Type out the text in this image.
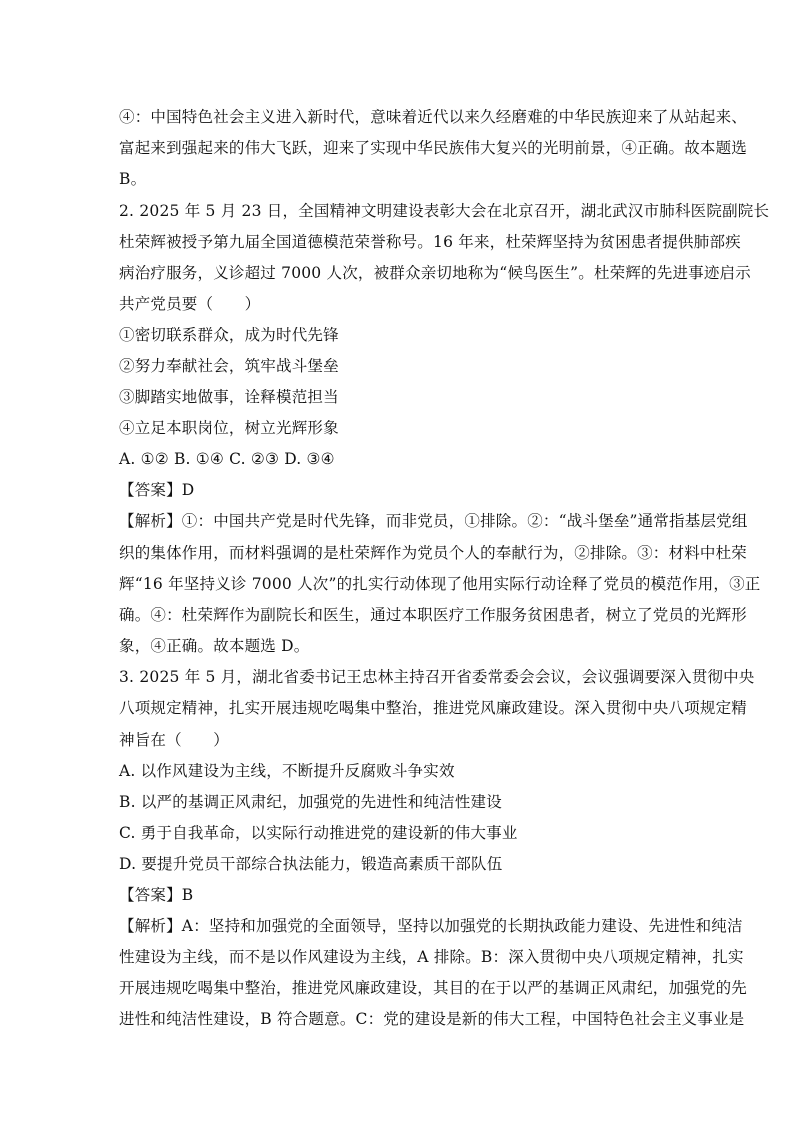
④：中国特色社会主义进入新时代，意味着近代以来久经磨难的中华民族迎来了从站起来、
富起来到强起来的伟大飞跃，迎来了实现中华民族伟大复兴的光明前景，④正确。故本题选
B。
2. 2025 年 5 月 23 日，全国精神文明建设表彰大会在北京召开，湖北武汉市肺科医院副院长
杜荣辉被授予第九届全国道德模范荣誉称号。16 年来，杜荣辉坚持为贫困患者提供肺部疾
病治疗服务，义诊超过 7000 人次，被群众亲切地称为“候鸟医生”。杜荣辉的先进事迹启示
共产党员要（　　）
①密切联系群众，成为时代先锋
②努力奉献社会，筑牢战斗堡垒
③脚踏实地做事，诠释模范担当
④立足本职岗位，树立光辉形象
A. ①② B. ①④ C. ②③ D. ③④
【答案】D
【解析】①：中国共产党是时代先锋，而非党员，①排除。②：“战斗堡垒”通常指基层党组
织的集体作用，而材料强调的是杜荣辉作为党员个人的奉献行为，②排除。③：材料中杜荣
辉“16 年坚持义诊 7000 人次”的扎实行动体现了他用实际行动诠释了党员的模范作用，③正
确。④：杜荣辉作为副院长和医生，通过本职医疗工作服务贫困患者，树立了党员的光辉形
象，④正确。故本题选 D。
3. 2025 年 5 月，湖北省委书记王忠林主持召开省委常委会会议，会议强调要深入贯彻中央
八项规定精神，扎实开展违规吃喝集中整治，推进党风廉政建设。深入贯彻中央八项规定精
神旨在（　　）
A. 以作风建设为主线，不断提升反腐败斗争实效
B. 以严的基调正风肃纪，加强党的先进性和纯洁性建设
C. 勇于自我革命，以实际行动推进党的建设新的伟大事业
D. 要提升党员干部综合执法能力，锻造高素质干部队伍
【答案】B
【解析】A：坚持和加强党的全面领导，坚持以加强党的长期执政能力建设、先进性和纯洁
性建设为主线，而不是以作风建设为主线，A 排除。B：深入贯彻中央八项规定精神，扎实
开展违规吃喝集中整治，推进党风廉政建设，其目的在于以严的基调正风肃纪，加强党的先
进性和纯洁性建设，B 符合题意。C：党的建设是新的伟大工程，中国特色社会主义事业是
